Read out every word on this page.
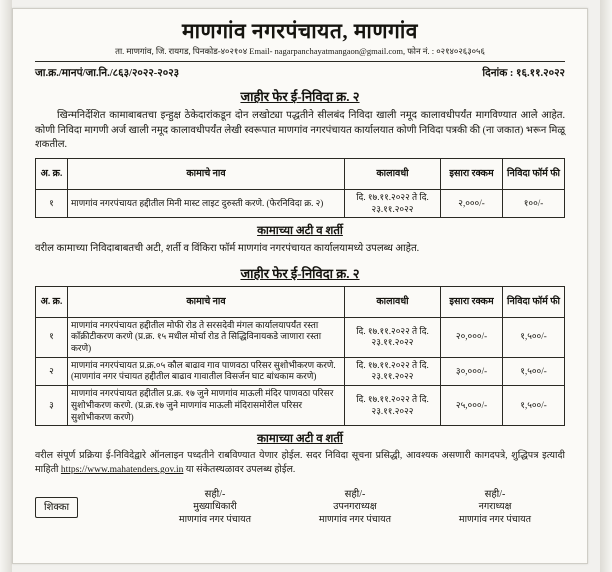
माणगांव नगरपंचायत, माणगांव
ता. माणगांव, जि. रायगड, पिनकोड-४०२१०४ Email- nagarpanchayatmangaon@gmail.com, फोन नं. : ०२१४०२६३०५६
जा.क्र./मानपं/जा.नि./८६३/२०२२-२०२३	दिनांक : १६.११.२०२२
जाहीर फेर ई-निविदा क्र. २

खिन्मनिर्देशित कामाबाबतचा इन्हुक्ष ठेकेदारांकडून दोन लखोट्या पद्धतीने सीलबंद निविदा खाली नमूद कालावधीपर्यंत मागविण्यात आलेे आहेत. कोणी निविदा मागणी अर्ज खाली नमूद कालावधीपर्यंत लेखी स्वरूपात माणगांव नगरपंचायत कार्यालयात कोणी निविदा पत्रकी की (ना जकात) भरून मिळू शकतील.

अ. क्र.	कामाचे नाव	कालावधी	इसारा रक्कम	निविदा फॉर्म फी
१	माणगांव नगरपंचायत हद्दीतील मिनी मास्ट लाइट दुरुस्ती करणे. (फेरनिविदा क्र. २)	दि. १७.११.२०२२ ते दि. २३.११.२०२२	२,०००/-	१००/-
कामाच्या अटी व शर्ती

वरील कामाच्या निविदाबाबतची अटी, शर्ती व विंकिरा फॉर्म माणगांव नगरपंचायत कार्यालयामध्ये उपलब्ध आहेत.

जाहीर फेर ई-निविदा क्र. २
अ. क्र.	कामाचे नाव	कालावधी	इसारा रक्कम	निविदा फॉर्म फी
१	माणगांव नगरपंचायत हद्दीतील मोफी रोड ते सरसदेवी मंगल कार्यालयापर्यंत रस्ता कॉंक्रीटीकरण करणे (प्र.क्र. १५ मधील मोर्चा रोड ते सिद्धिविनायकडे जाणारा रस्ता करणे)	दि. १७.११.२०२२ ते दि. २३.११.२०२२	२०,०००/-	१,५००/-
२	माणगांव नगरपंचायत प्र.क्र.०५ कौल बाढाव गाव पाणवठा परिसर सुशोभीकरण करणे. (माणगांव नगर पंचायत हद्दीतील बाढाव गावातील विसर्जन घाट बांधकाम करणे)	दि. १७.११.२०२२ ते दि. २३.११.२०२२	३०,०००/-	१,५००/-
३	माणगांव नगरपंचायत हद्दीतील प्र.क्र. १७ जुने माणगांव माऊली मंदिर पाणवठा परिसर सुशोभीकरण करणे. (प्र.क्र.१७ जुने माणगांव माऊली मंदिरासमोरील परिसर सुशोभीकरण करणे)	दि. १७.११.२०२२ ते दि. २३.११.२०२२	२५,०००/-	१,५००/-
कामाच्या अटी व शर्ती

वरील संपूर्ण प्रक्रिया ई-निविदेद्वारे ऑनलाइन पध्दतीने राबविण्यात येणार होईल. सदर निविदा सूचना प्रसिद्धी, आवश्यक असणारी कागदपत्रे, शुद्धिपत्र इत्यादी माहिती https://www.mahatenders.gov.in या संकेतस्थळावर उपलब्ध होईल.

शिक्का
सही/-
मुख्याधिकारी
माणगांव नगर पंचायत
सही/-
उपनगराध्यक्ष
माणगांव नगर पंचायत
सही/-
नगराध्यक्ष
माणगांव नगर पंचायत
